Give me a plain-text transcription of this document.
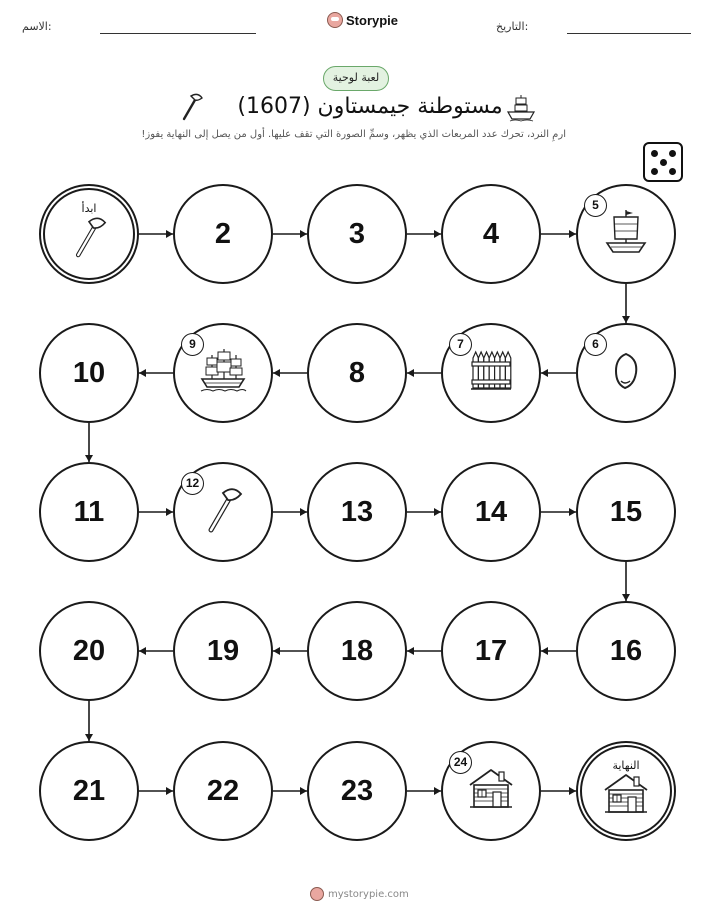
الاسم:	Storypie	التاريخ:
لعبة لوحية
مستوطنة جيمستاون (1607)
ارمِ النرد، تحرك عدد المربعات الذي يظهر، وسمِّ الصورة التي تقف عليها. أول من يصل إلى النهاية يفوز!
ابدأ
2	3	4
5
6
7
8
9
10
11
12
13	14	15
16
17
18
19
20
21	22	23
24	النهاية
mystorypie.com
